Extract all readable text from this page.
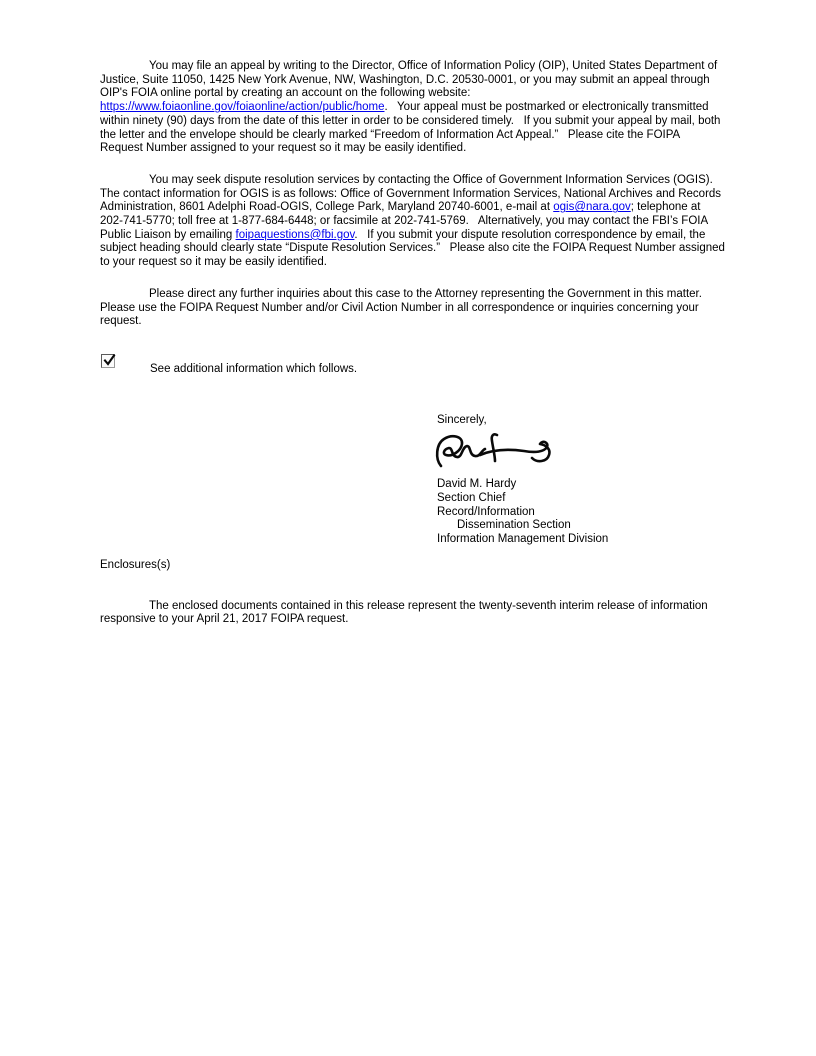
You may file an appeal by writing to the Director, Office of Information Policy (OIP), United States Department of Justice, Suite 11050, 1425 New York Avenue, NW, Washington, D.C. 20530-0001, or you may submit an appeal through OIP's FOIA online portal by creating an account on the following website:  https://www.foiaonline.gov/foiaonline/action/public/home.   Your appeal must be postmarked or electronically transmitted within ninety (90) days from the date of this letter in order to be considered timely.   If you submit your appeal by mail, both the letter and the envelope should be clearly marked “Freedom of Information Act Appeal.”   Please cite the FOIPA Request Number assigned to your request so it may be easily identified.

You may seek dispute resolution services by contacting the Office of Government Information Services (OGIS).   The contact information for OGIS is as follows: Office of Government Information Services, National Archives and Records Administration, 8601 Adelphi Road-OGIS, College Park, Maryland 20740-6001, e-mail at ogis@nara.gov; telephone at 202-741-5770; toll free at 1-877-684-6448; or facsimile at 202-741-5769.   Alternatively, you may contact the FBI’s FOIA Public Liaison by emailing foipaquestions@fbi.gov.   If you submit your dispute resolution correspondence by email, the subject heading should clearly state “Dispute Resolution Services.”   Please also cite the FOIPA Request Number assigned to your request so it may be easily identified.

Please direct any further inquiries about this case to the Attorney representing the Government in this matter.   Please use the FOIPA Request Number and/or Civil Action Number in all correspondence or inquiries concerning your request.

See additional information which follows.
Sincerely,
David M. Hardy
Section Chief
Record/Information
Dissemination Section
Information Management Division
Enclosures(s)

The enclosed documents contained in this release represent the twenty-seventh interim release of information responsive to your April 21, 2017 FOIPA request.
